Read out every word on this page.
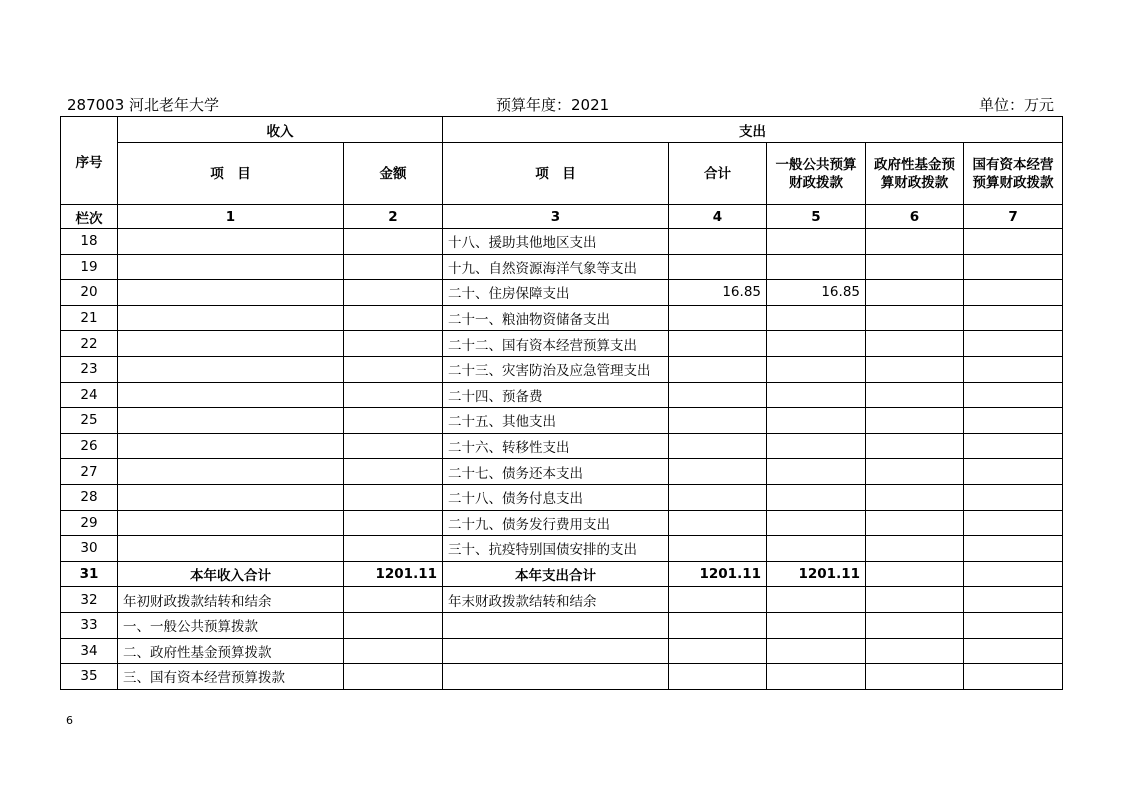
287003 河北老年大学	预算年度：2021	单位：万元
序号	收入		支出				
	项　目	金额	项　目	合计	一般公共预算财政拨款	政府性基金预算财政拨款	国有资本经营预算财政拨款
栏次	1	2	3	4	5	6	7
18			十八、援助其他地区支出				
19			十九、自然资源海洋气象等支出				
20			二十、住房保障支出	16.85	16.85		
21			二十一、粮油物资储备支出				
22			二十二、国有资本经营预算支出				
23			二十三、灾害防治及应急管理支出				
24			二十四、预备费				
25			二十五、其他支出				
26			二十六、转移性支出				
27			二十七、债务还本支出				
28			二十八、债务付息支出				
29			二十九、债务发行费用支出				
30			三十、抗疫特别国债安排的支出				
31	本年收入合计	1201.11	本年支出合计	1201.11	1201.11		
32	年初财政拨款结转和结余		年末财政拨款结转和结余				
33	一、一般公共预算拨款						
34	二、政府性基金预算拨款						
35	三、国有资本经营预算拨款						
6
